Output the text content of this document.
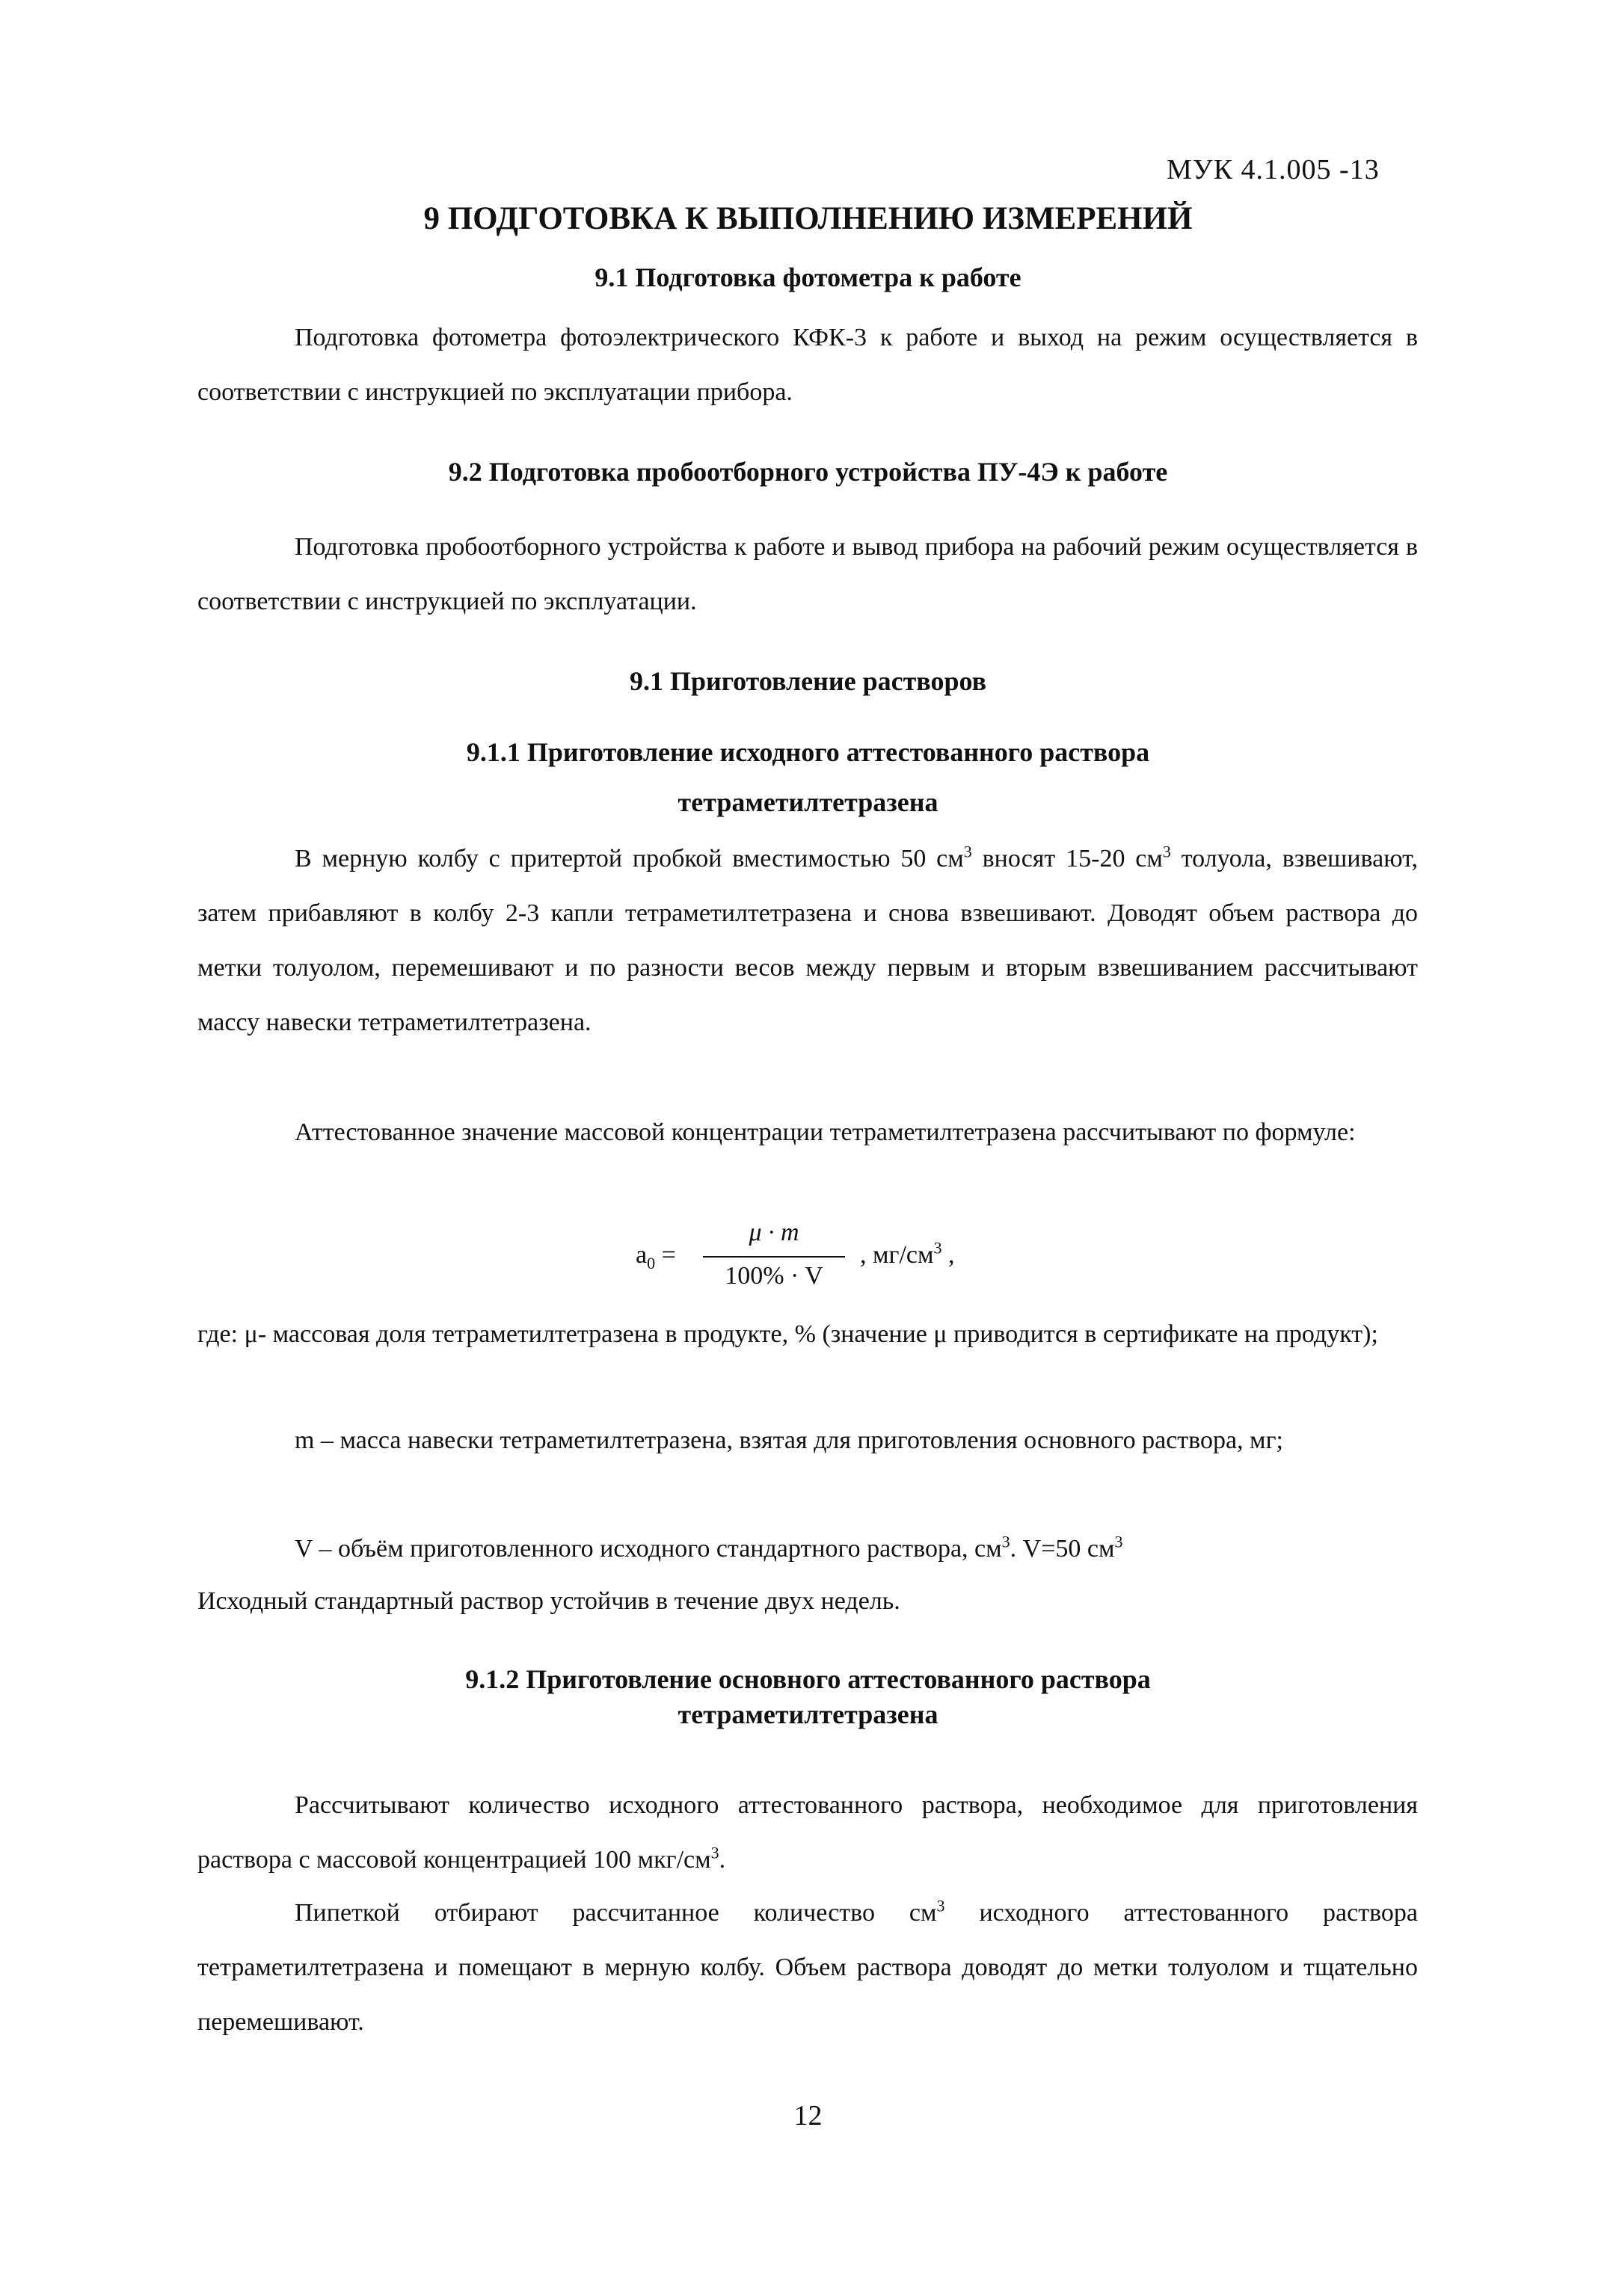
МУК 4.1.005 -13
9 ПОДГОТОВКА К ВЫПОЛНЕНИЮ ИЗМЕРЕНИЙ
9.1 Подготовка фотометра к работе
Подготовка фотометра фотоэлектрического КФК-3 к работе и выход на режим осуществляется в соответствии с инструкцией по эксплуатации прибора.
9.2 Подготовка пробоотборного устройства ПУ-4Э к работе
Подготовка пробоотборного устройства к работе и вывод прибора на рабочий режим осуществляется в соответствии с инструкцией по эксплуатации.
9.1 Приготовление растворов
9.1.1 Приготовление исходного аттестованного раствора
тетраметилтетразена
В мерную колбу с притертой пробкой вместимостью 50 $см^3$ вносят 15-20 $см^3$ толуола, взвешивают, затем прибавляют в колбу 2-3 капли тетраметилтетразена и снова взвешивают. Доводят объем раствора до метки толуолом, перемешивают и по разности весов между первым и вторым взвешиванием рассчитывают массу навески тетраметилтетразена.
Аттестованное значение массовой концентрации тетраметилтетразена рассчитывают по формуле:
$a_0$ =
μ · m
100% · V
, $мг/см^3$ ,
где: μ- массовая доля тетраметилтетразена в продукте, % (значение μ приводится в сертификате на продукт);
m – масса навески тетраметилтетразена, взятая для приготовления основного раствора, мг;
V – объём приготовленного исходного стандартного раствора, $см^3$. V=50 $см^3$
Исходный стандартный раствор устойчив в течение двух недель.
9.1.2 Приготовление основного аттестованного раствора
тетраметилтетразена
Рассчитывают количество исходного аттестованного раствора, необходимое для приготовления раствора с массовой концентрацией 100 мкг/$см^3$.
Пипеткой отбирают рассчитанное количество $см^3$ исходного аттестованного раствора тетраметилтетразена и помещают в мерную колбу. Объем раствора доводят до метки толуолом и тщательно перемешивают.
12
